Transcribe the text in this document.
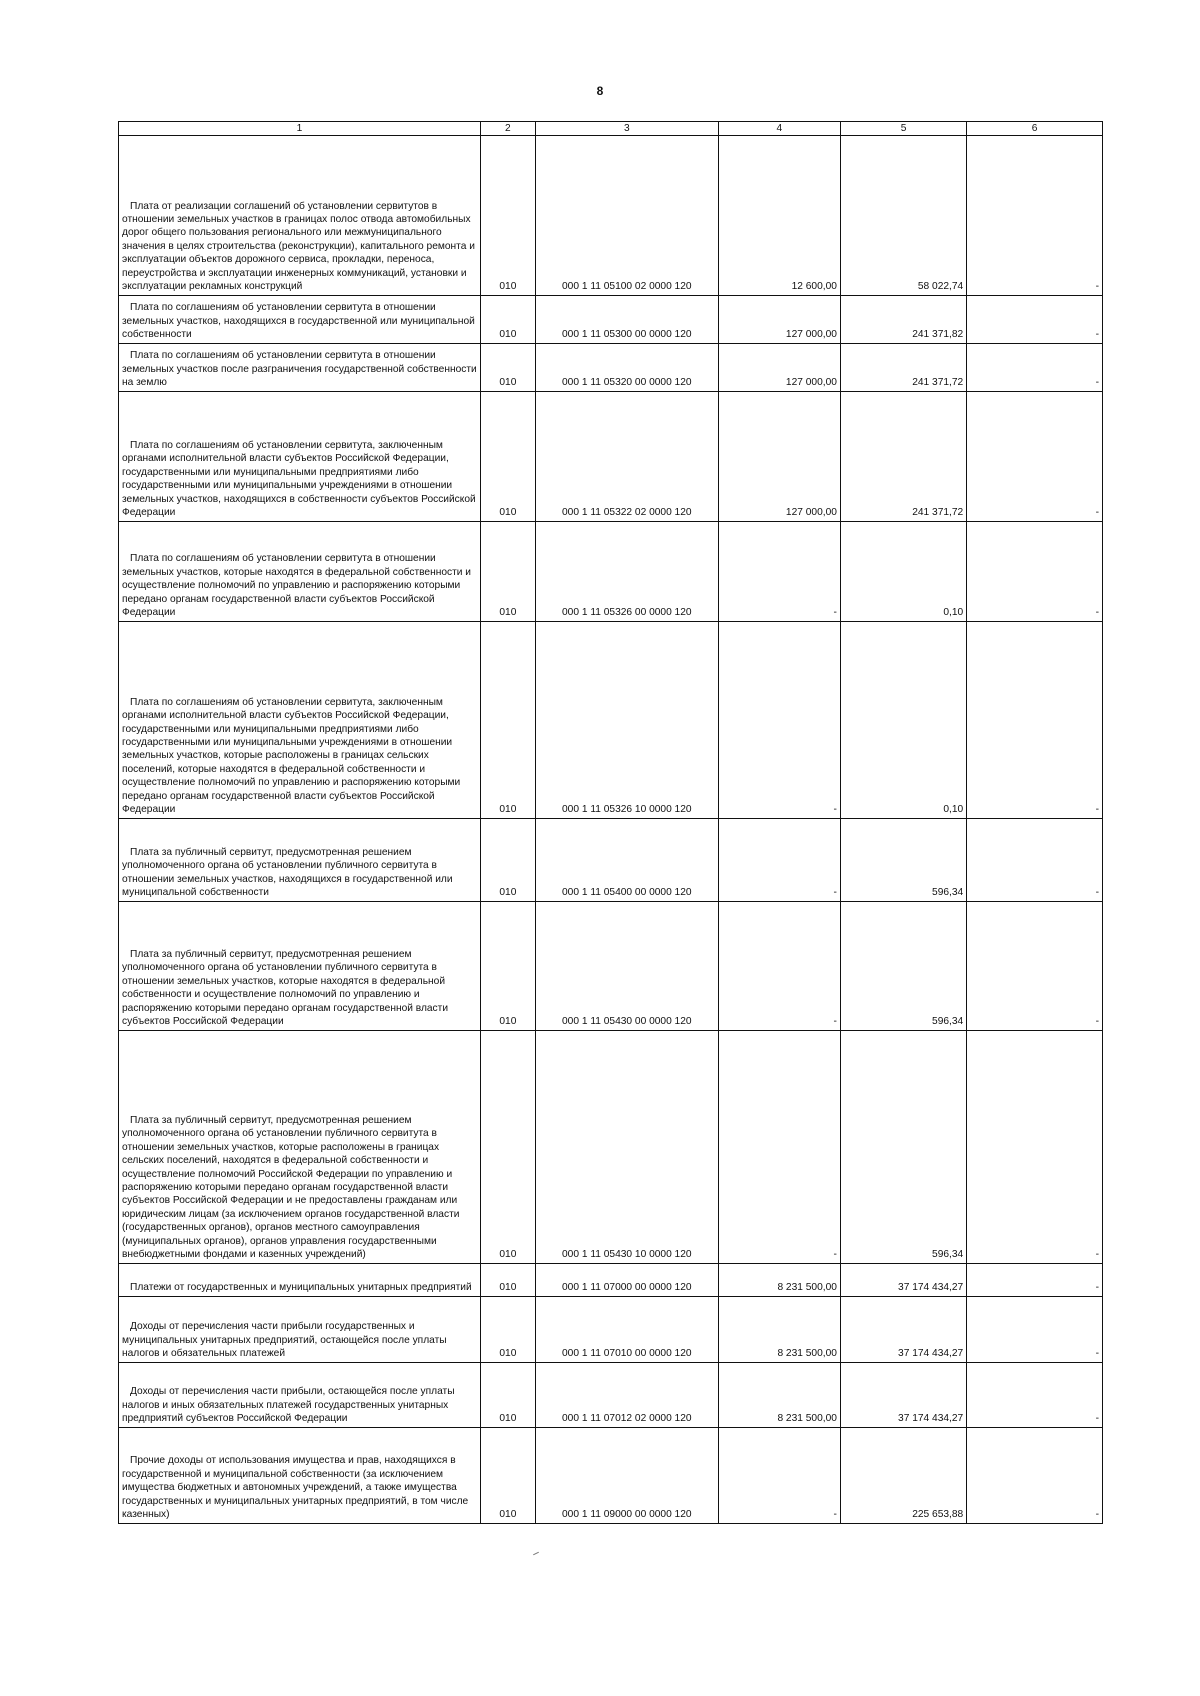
8
1	2	3	4	5	6

Плата от реализации соглашений об установлении сервитутов в отношении земельных участков в границах полос отвода автомобильных дорог общего пользования регионального или межмуниципального значения в целях строительства (реконструкции), капитального ремонта и эксплуатации объектов дорожного сервиса, прокладки, переноса, переустройства и эксплуатации инженерных коммуникаций, установки и эксплуатации рекламных конструкций	010	000 1 11 05100 02 0000 120	12 600,00	58 022,74	-

Плата по соглашениям об установлении сервитута в отношении земельных участков, находящихся в государственной или муниципальной собственности	010	000 1 11 05300 00 0000 120	127 000,00	241 371,82	-

Плата по соглашениям об установлении сервитута в отношении земельных участков после разграничения государственной собственности на землю	010	000 1 11 05320 00 0000 120	127 000,00	241 371,72	-

Плата по соглашениям об установлении сервитута, заключенным органами исполнительной власти субъектов Российской Федерации, государственными или муниципальными предприятиями либо государственными или муниципальными учреждениями в отношении земельных участков, находящихся в собственности субъектов Российской Федерации	010	000 1 11 05322 02 0000 120	127 000,00	241 371,72	-

Плата по соглашениям об установлении сервитута в отношении земельных участков, которые находятся в федеральной собственности и осуществление полномочий по управлению и распоряжению которыми передано органам государственной власти субъектов Российской Федерации	010	000 1 11 05326 00 0000 120	-	0,10	-

Плата по соглашениям об установлении сервитута, заключенным органами исполнительной власти субъектов Российской Федерации, государственными или муниципальными предприятиями либо государственными или муниципальными учреждениями в отношении земельных участков, которые расположены в границах сельских поселений, которые находятся в федеральной собственности и осуществление полномочий по управлению и распоряжению которыми передано органам государственной власти субъектов Российской Федерации	010	000 1 11 05326 10 0000 120	-	0,10	-

Плата за публичный сервитут, предусмотренная решением уполномоченного органа об установлении публичного сервитута в отношении земельных участков, находящихся в государственной или муниципальной собственности	010	000 1 11 05400 00 0000 120	-	596,34	-

Плата за публичный сервитут, предусмотренная решением уполномоченного органа об установлении публичного сервитута в отношении земельных участков, которые находятся в федеральной собственности и осуществление полномочий по управлению и распоряжению которыми передано органам государственной власти субъектов Российской Федерации	010	000 1 11 05430 00 0000 120	-	596,34	-

Плата за публичный сервитут, предусмотренная решением уполномоченного органа об установлении публичного сервитута в отношении земельных участков, которые расположены в границах сельских поселений, находятся в федеральной собственности и осуществление полномочий Российской Федерации по управлению и распоряжению которыми передано органам государственной власти субъектов Российской Федерации и не предоставлены гражданам или юридическим лицам (за исключением органов государственной власти (государственных органов), органов местного самоуправления (муниципальных органов), органов управления государственными внебюджетными фондами и казенных учреждений)	010	000 1 11 05430 10 0000 120	-	596,34	-

Платежи от государственных и муниципальных унитарных предприятий	010	000 1 11 07000 00 0000 120	8 231 500,00	37 174 434,27	-

Доходы от перечисления части прибыли государственных и муниципальных унитарных предприятий, остающейся после уплаты налогов и обязательных платежей	010	000 1 11 07010 00 0000 120	8 231 500,00	37 174 434,27	-

Доходы от перечисления части прибыли, остающейся после уплаты налогов и иных обязательных платежей государственных унитарных предприятий субъектов Российской Федерации	010	000 1 11 07012 02 0000 120	8 231 500,00	37 174 434,27	-

Прочие доходы от использования имущества и прав, находящихся в государственной и муниципальной собственности (за исключением имущества бюджетных и автономных учреждений, а также имущества государственных и муниципальных унитарных предприятий, в том числе казенных)	010	000 1 11 09000 00 0000 120	-	225 653,88	-
